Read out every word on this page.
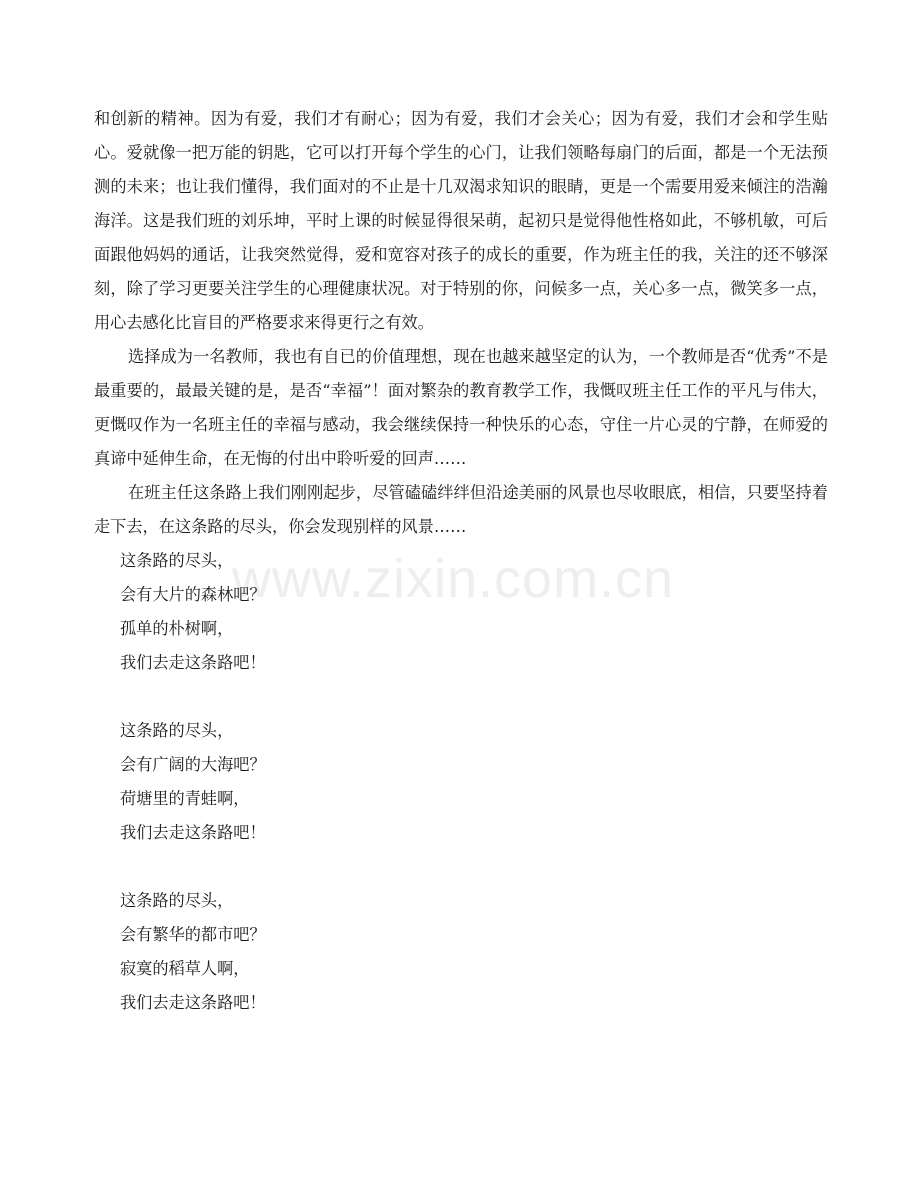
和创新的精神。因为有爱，我们才有耐心；因为有爱，我们才会关心；因为有爱，我们才会和学生贴心。爱就像一把万能的钥匙，它可以打开每个学生的心门，让我们领略每扇门的后面，都是一个无法预测的未来；也让我们懂得，我们面对的不止是十几双渴求知识的眼睛，更是一个需要用爱来倾注的浩瀚海洋。这是我们班的刘乐坤，平时上课的时候显得很呆萌，起初只是觉得他性格如此，不够机敏，可后面跟他妈妈的通话，让我突然觉得，爱和宽容对孩子的成长的重要，作为班主任的我，关注的还不够深刻，除了学习更要关注学生的心理健康状况。对于特别的你，问候多一点，关心多一点，微笑多一点，用心去感化比盲目的严格要求来得更行之有效。

选择成为一名教师，我也有自已的价值理想，现在也越来越坚定的认为，一个教师是否“优秀”不是最重要的，最最关键的是，是否“幸福”！面对繁杂的教育教学工作，我慨叹班主任工作的平凡与伟大，更慨叹作为一名班主任的幸福与感动，我会继续保持一种快乐的心态，守住一片心灵的宁静，在师爱的真谛中延伸生命，在无悔的付出中聆听爱的回声……

在班主任这条路上我们刚刚起步，尽管磕磕绊绊但沿途美丽的风景也尽收眼底，相信，只要坚持着走下去，在这条路的尽头，你会发现别样的风景……

这条路的尽头，
会有大片的森林吧？
孤单的朴树啊，
我们去走这条路吧！
这条路的尽头，
会有广阔的大海吧？
荷塘里的青蛙啊，
我们去走这条路吧！
这条路的尽头，
会有繁华的都市吧？
寂寞的稻草人啊，
我们去走这条路吧！
www.zixin.com.cn
